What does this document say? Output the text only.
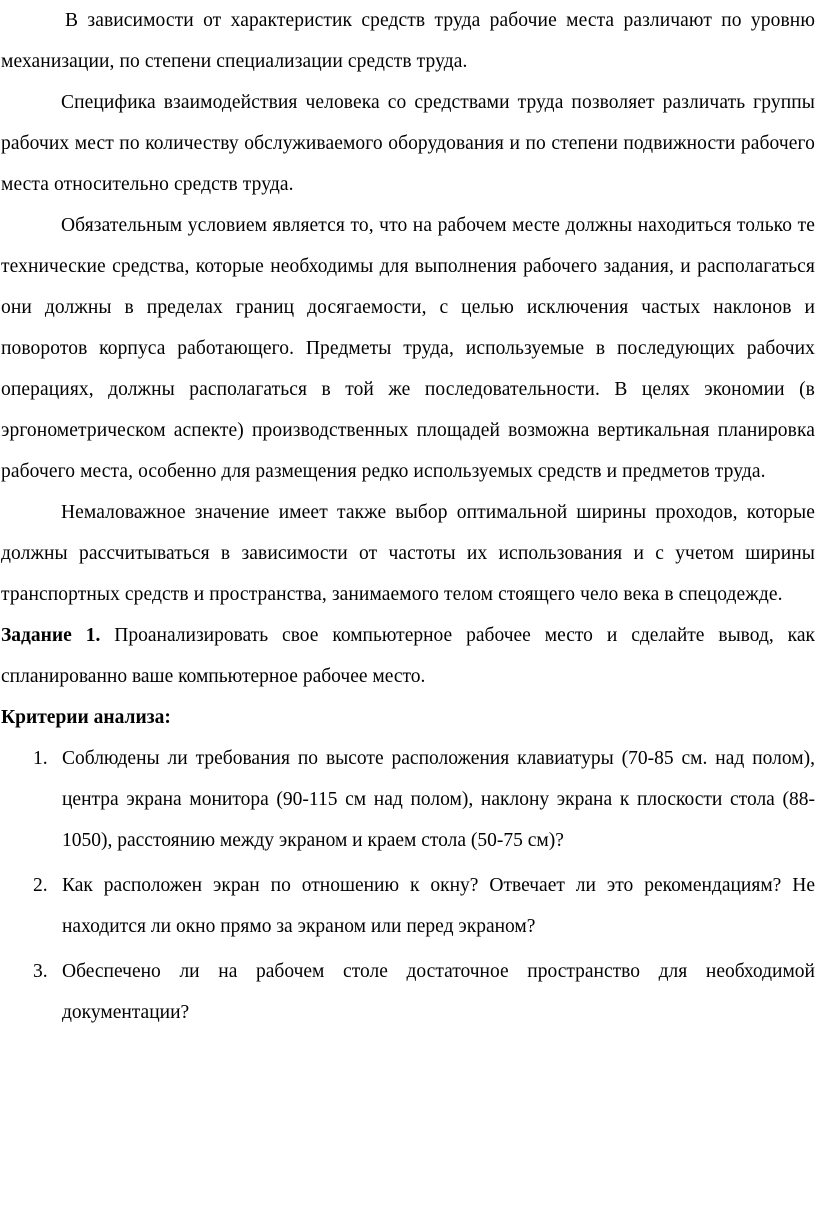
В зависимости от характеристик средств труда рабочие места различают по уровню механизации, по степени специализации средств труда.

Специфика взаимодействия человека со средствами труда позволяет различать группы рабочих мест по количеству обслуживаемого оборудования и по степени подвижности рабочего места относительно средств труда.

Обязательным условием является то, что на рабочем месте должны находиться только те технические средства, которые необходимы для выполнения рабочего задания, и располагаться они должны в пределах границ досягаемости, с целью исключения частых наклонов и поворотов корпуса работающего. Предметы труда, используемые в последующих рабочих операциях, должны располагаться в той же последовательности. В целях экономии (в эргонометрическом аспекте) производственных площадей возможна вертикальная планировка рабочего места, особенно для размещения редко используемых средств и предметов труда.

Немаловажное значение имеет также выбор оптимальной ширины проходов, которые должны рассчитываться в зависимости от частоты их использования и с учетом ширины транспортных средств и пространства, занимаемого телом стоящего чело века в спецодежде.

Задание 1. Проанализировать свое компьютерное рабочее место и сделайте вывод, как спланированно ваше компьютерное рабочее место.

Критерии анализа:

1. Соблюдены ли требования по высоте расположения клавиатуры (70-85 см. над полом), центра экрана монитора (90-115 см над полом), наклону экрана к плоскости стола (88-1050), расстоянию между экраном и краем стола (50-75 см)?
2. Как расположен экран по отношению к окну? Отвечает ли это рекомендациям? Не находится ли окно прямо за экраном или перед экраном?
3. Обеспечено ли на рабочем столе достаточное пространство для необходимой документации?
